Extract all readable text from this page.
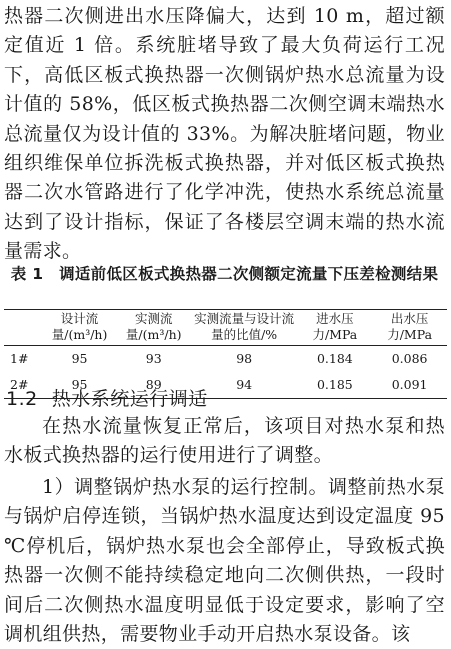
热器二次侧进出水压降偏大，达到 10 m，超过额定值近 1 倍。系统脏堵导致了最大负荷运行工况下，高低区板式换热器一次侧锅炉热水总流量为设计值的 58%，低区板式换热器二次侧空调末端热水总流量仅为设计值的 33%。为解决脏堵问题，物业组织维保单位拆洗板式换热器，并对低区板式换热器二次水管路进行了化学冲洗，使热水系统总流量达到了设计指标，保证了各楼层空调末端的热水流量需求。

表 1　调适前低区板式换热器二次侧额定流量下压差检测结果
	设计流量/(m³/h)	实测流量/(m³/h)	实测流量与设计流量的比值/%	进水压力/MPa	出水压力/MPa
1#	95	93	98	0.184	0.086
2#	95	89	94	0.185	0.091
1.2 热水系统运行调适

在热水流量恢复正常后，该项目对热水泵和热水板式换热器的运行使用进行了调整。

1）调整锅炉热水泵的运行控制。调整前热水泵与锅炉启停连锁，当锅炉热水温度达到设定温度 95 ℃停机后，锅炉热水泵也会全部停止，导致板式换热器一次侧不能持续稳定地向二次侧供热，一段时间后二次侧热水温度明显低于设定要求，影响了空调机组供热，需要物业手动开启热水泵设备。该
